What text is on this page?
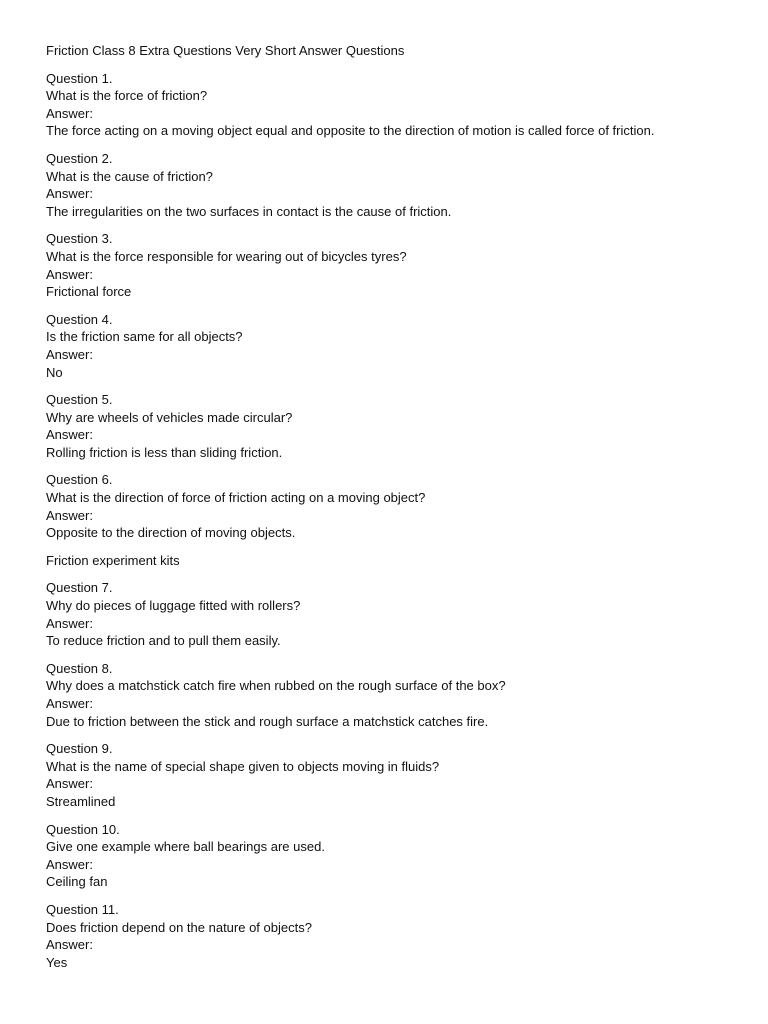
Friction Class 8 Extra Questions Very Short Answer Questions
Question 1.
What is the force of friction?
Answer:
The force acting on a moving object equal and opposite to the direction of motion is called force of friction.
Question 2.
What is the cause of friction?
Answer:
The irregularities on the two surfaces in contact is the cause of friction.
Question 3.
What is the force responsible for wearing out of bicycles tyres?
Answer:
Frictional force
Question 4.
Is the friction same for all objects?
Answer:
No
Question 5.
Why are wheels of vehicles made circular?
Answer:
Rolling friction is less than sliding friction.
Question 6.
What is the direction of force of friction acting on a moving object?
Answer:
Opposite to the direction of moving objects.
Friction experiment kits
Question 7.
Why do pieces of luggage fitted with rollers?
Answer:
To reduce friction and to pull them easily.
Question 8.
Why does a matchstick catch fire when rubbed on the rough surface of the box?
Answer:
Due to friction between the stick and rough surface a matchstick catches fire.
Question 9.
What is the name of special shape given to objects moving in fluids?
Answer:
Streamlined
Question 10.
Give one example where ball bearings are used.
Answer:
Ceiling fan
Question 11.
Does friction depend on the nature of objects?
Answer:
Yes
